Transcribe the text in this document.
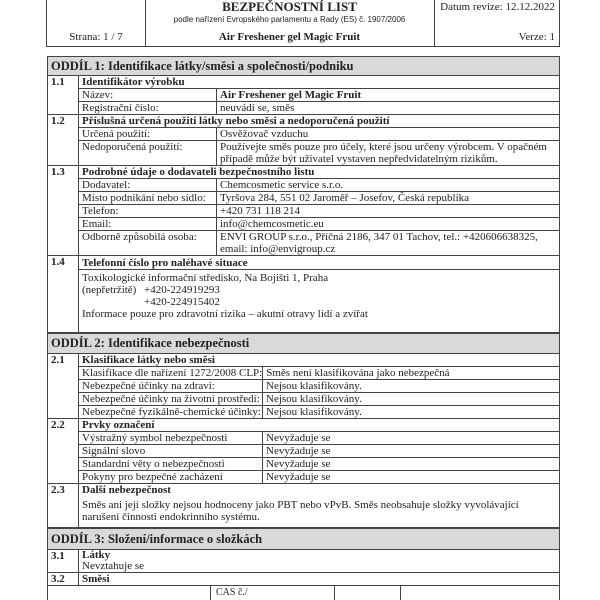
Strana: 1 / 7
BEZPEČNOSTNÍ LIST
podle nařízení Evropského parlamentu a Rady (ES) č. 1907/2006
Air Freshener gel Magic Fruit
Datum revize: 12.12.2022
Verze: 1
ODDÍL 1: Identifikace látky/směsi a společnosti/podniku
1.1	Identifikátor výrobku
Název:	Air Freshener gel Magic Fruit
Registrační číslo:	neuvádí se, směs
1.2	Příslušná určená použití látky nebo směsi a nedoporučená použití
Určená použití:	Osvěžovač vzduchu
Nedoporučená použití:	Používejte směs pouze pro účely, které jsou určeny výrobcem. V opačném případě může být uživatel vystaven nepředvidatelným rizikům.
1.3	Podrobné údaje o dodavateli bezpečnostního listu
Dodavatel:	Chemcosmetic service s.r.o.
Místo podnikání nebo sídlo:	Tyršova 284, 551 02 Jaroměř – Josefov, Česká republika
Telefon:	+420 731 118 214
Email:	info@chemcosmetic.eu
Odborně způsobilá osoba:	ENVI GROUP s.r.o., Příčná 2186, 347 01 Tachov, tel.: +420606638325, email: info@envigroup.cz
1.4	Telefonní číslo pro naléhavé situace
Toxikologické informační středisko, Na Bojišti 1, Praha
(nepřetržitě) +420-224919293
+420-224915402
Informace pouze pro zdravotní rizika – akutní otravy lidí a zvířat
ODDÍL 2: Identifikace nebezpečnosti
2.1	Klasifikace látky nebo směsi
Klasifikace dle nařízení 1272/2008 CLP: Směs není klasifikována jako nebezpečná
Nebezpečné účinky na zdraví:	Nejsou klasifikovány.
Nebezpečné účinky na životní prostředí: Nejsou klasifikovány.
Nebezpečné fyzikálně-chemické účinky: Nejsou klasifikovány.
2.2	Prvky označení
Výstražný symbol nebezpečnosti	Nevyžaduje se
Signální slovo	Nevyžaduje se
Standardní věty o nebezpečnosti	Nevyžaduje se
Pokyny pro bezpečné zacházení	Nevyžaduje se
2.3	Další nebezpečnost
Směs ani její složky nejsou hodnoceny jako PBT nebo vPvB. Směs neobsahuje složky vyvolávající narušení činnosti endokrinního systému.
ODDÍL 3: Složení/informace o složkách
3.1	Látky
Nevztahuje se
3.2	Směsi
CAS č./
